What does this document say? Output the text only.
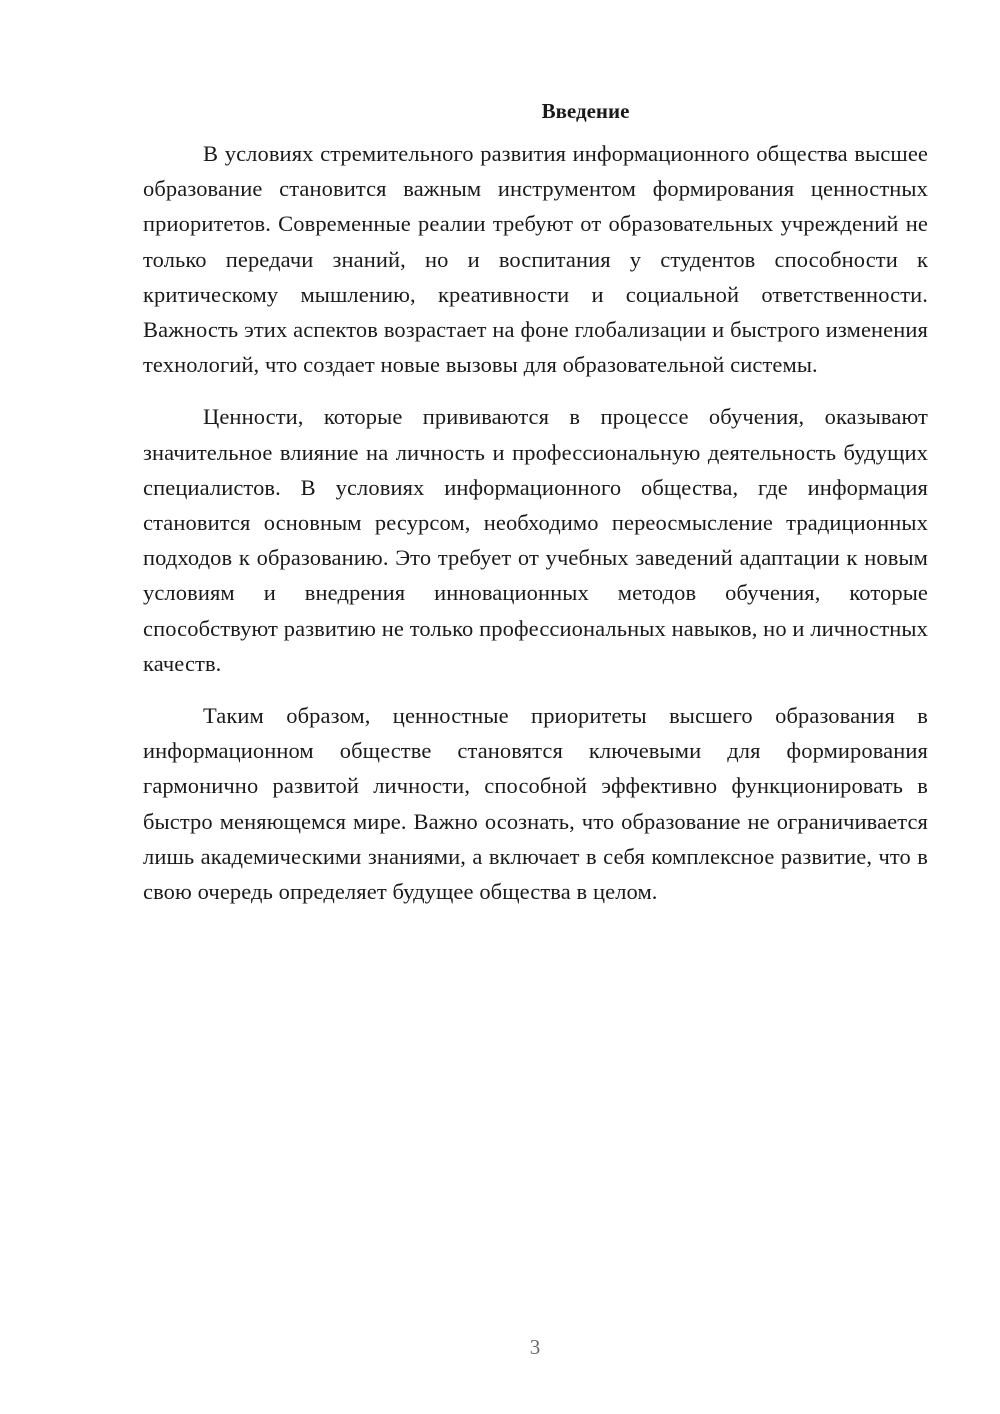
Введение

В условиях стремительного развития информационного общества высшее образование становится важным инструментом формирования ценностных приоритетов. Современные реалии требуют от образовательных учреждений не только передачи знаний, но и воспитания у студентов способности к критическому мышлению, креативности и социальной ответственности. Важность этих аспектов возрастает на фоне глобализации и быстрого изменения технологий, что создает новые вызовы для образовательной системы.

Ценности, которые прививаются в процессе обучения, оказывают значительное влияние на личность и профессиональную деятельность будущих специалистов. В условиях информационного общества, где информация становится основным ресурсом, необходимо переосмысление традиционных подходов к образованию. Это требует от учебных заведений адаптации к новым условиям и внедрения инновационных методов обучения, которые способствуют развитию не только профессиональных навыков, но и личностных качеств.

Таким образом, ценностные приоритеты высшего образования в информационном обществе становятся ключевыми для формирования гармонично развитой личности, способной эффективно функционировать в быстро меняющемся мире. Важно осознать, что образование не ограничивается лишь академическими знаниями, а включает в себя комплексное развитие, что в свою очередь определяет будущее общества в целом.

3
